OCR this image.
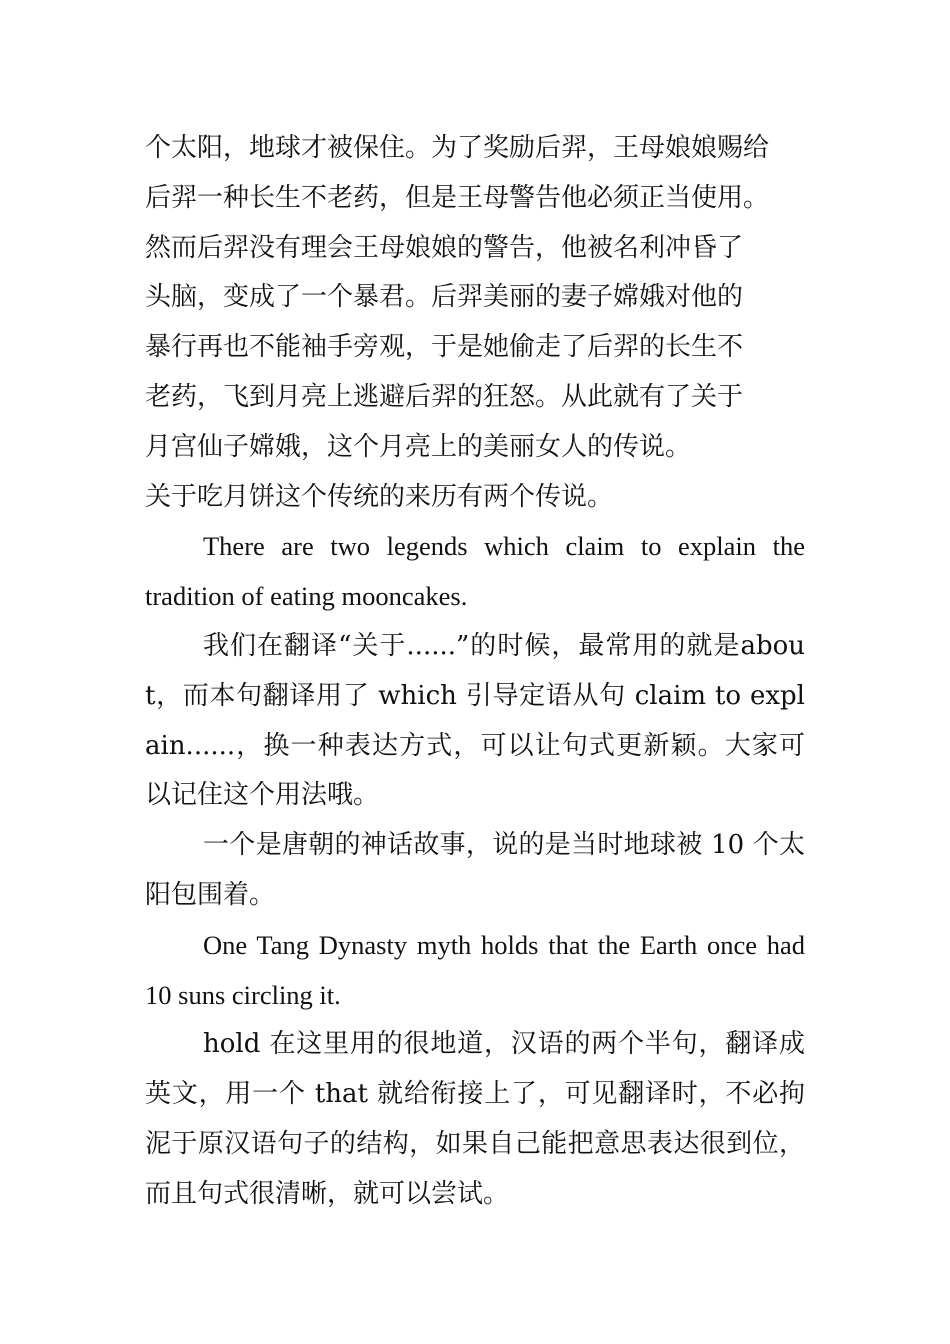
个太阳，地球才被保住。为了奖励后羿，王母娘娘赐给
后羿一种长生不老药，但是王母警告他必须正当使用。
然而后羿没有理会王母娘娘的警告，他被名利冲昏了
头脑，变成了一个暴君。后羿美丽的妻子嫦娥对他的
暴行再也不能袖手旁观，于是她偷走了后羿的长生不
老药，飞到月亮上逃避后羿的狂怒。从此就有了关于
月宫仙子嫦娥，这个月亮上的美丽女人的传说。

关于吃月饼这个传统的来历有两个传说。

There are two legends which claim to explain the tradition of eating mooncakes.

我们在翻译“关于......”的时候，最常用的就是about，而本句翻译用了 which 引导定语从句 claim to explain......，换一种表达方式，可以让句式更新颖。大家可以记住这个用法哦。

一个是唐朝的神话故事，说的是当时地球被 10 个太阳包围着。

One Tang Dynasty myth holds that the Earth once had 10 suns circling it.

hold 在这里用的很地道，汉语的两个半句，翻译成英文，用一个 that 就给衔接上了，可见翻译时，不必拘泥于原汉语句子的结构，如果自己能把意思表达很到位，而且句式很清晰，就可以尝试。
